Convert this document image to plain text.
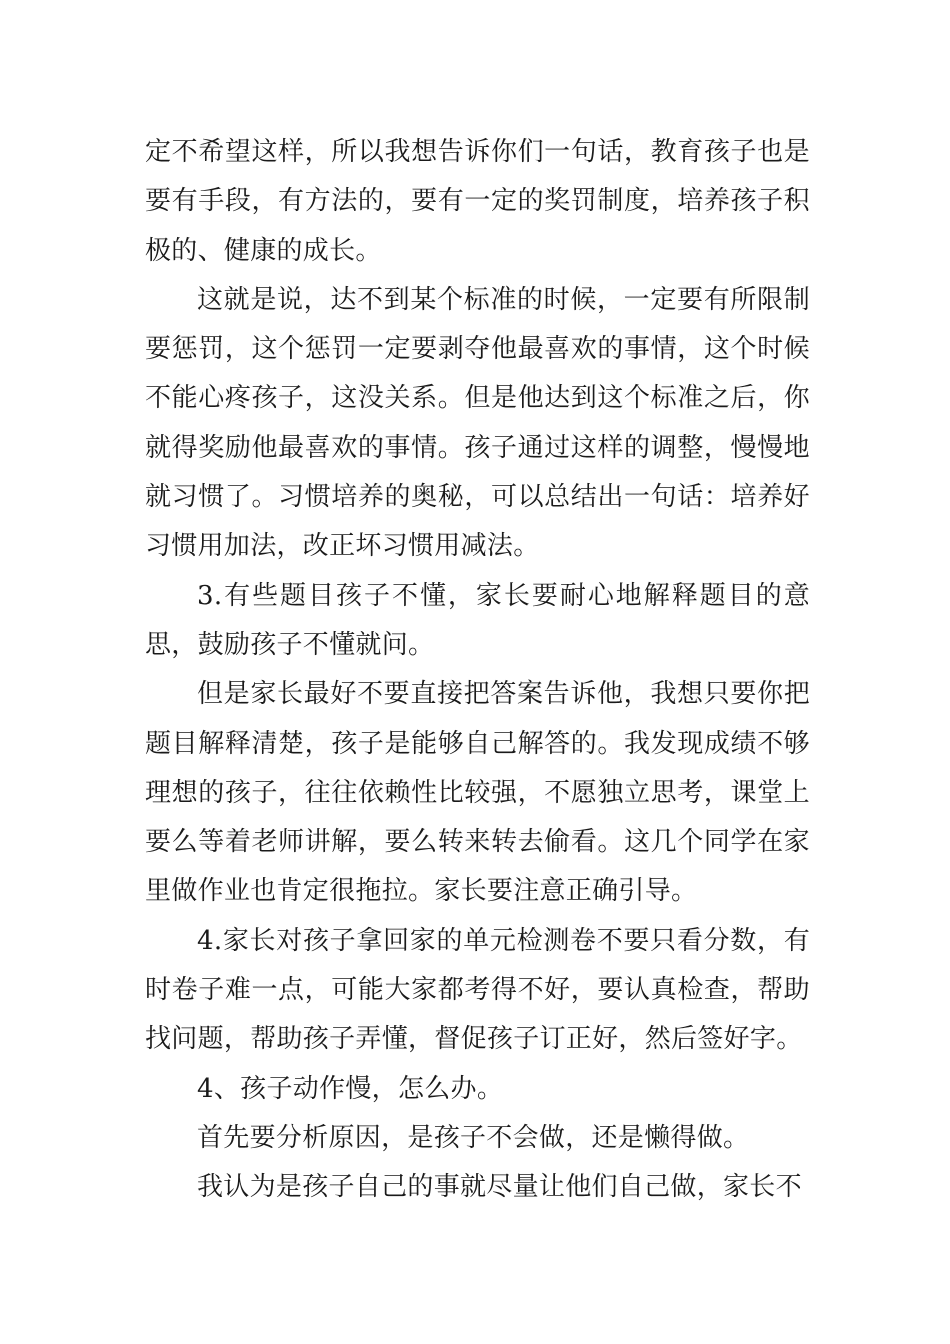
定不希望这样，所以我想告诉你们一句话，教育孩子也是要有手段，有方法的，要有一定的奖罚制度，培养孩子积极的、健康的成长。

这就是说，达不到某个标准的时候，一定要有所限制要惩罚，这个惩罚一定要剥夺他最喜欢的事情，这个时候不能心疼孩子，这没关系。但是他达到这个标准之后，你就得奖励他最喜欢的事情。孩子通过这样的调整，慢慢地就习惯了。习惯培养的奥秘，可以总结出一句话：培养好习惯用加法，改正坏习惯用减法。

3.有些题目孩子不懂，家长要耐心地解释题目的意思，鼓励孩子不懂就问。

但是家长最好不要直接把答案告诉他，我想只要你把题目解释清楚，孩子是能够自己解答的。我发现成绩不够理想的孩子，往往依赖性比较强，不愿独立思考，课堂上要么等着老师讲解，要么转来转去偷看。这几个同学在家里做作业也肯定很拖拉。家长要注意正确引导。

4.家长对孩子拿回家的单元检测卷不要只看分数，有时卷子难一点，可能大家都考得不好，要认真检查，帮助找问题，帮助孩子弄懂，督促孩子订正好，然后签好字。

4、孩子动作慢，怎么办。

首先要分析原因，是孩子不会做，还是懒得做。

我认为是孩子自己的事就尽量让他们自己做，家长不
